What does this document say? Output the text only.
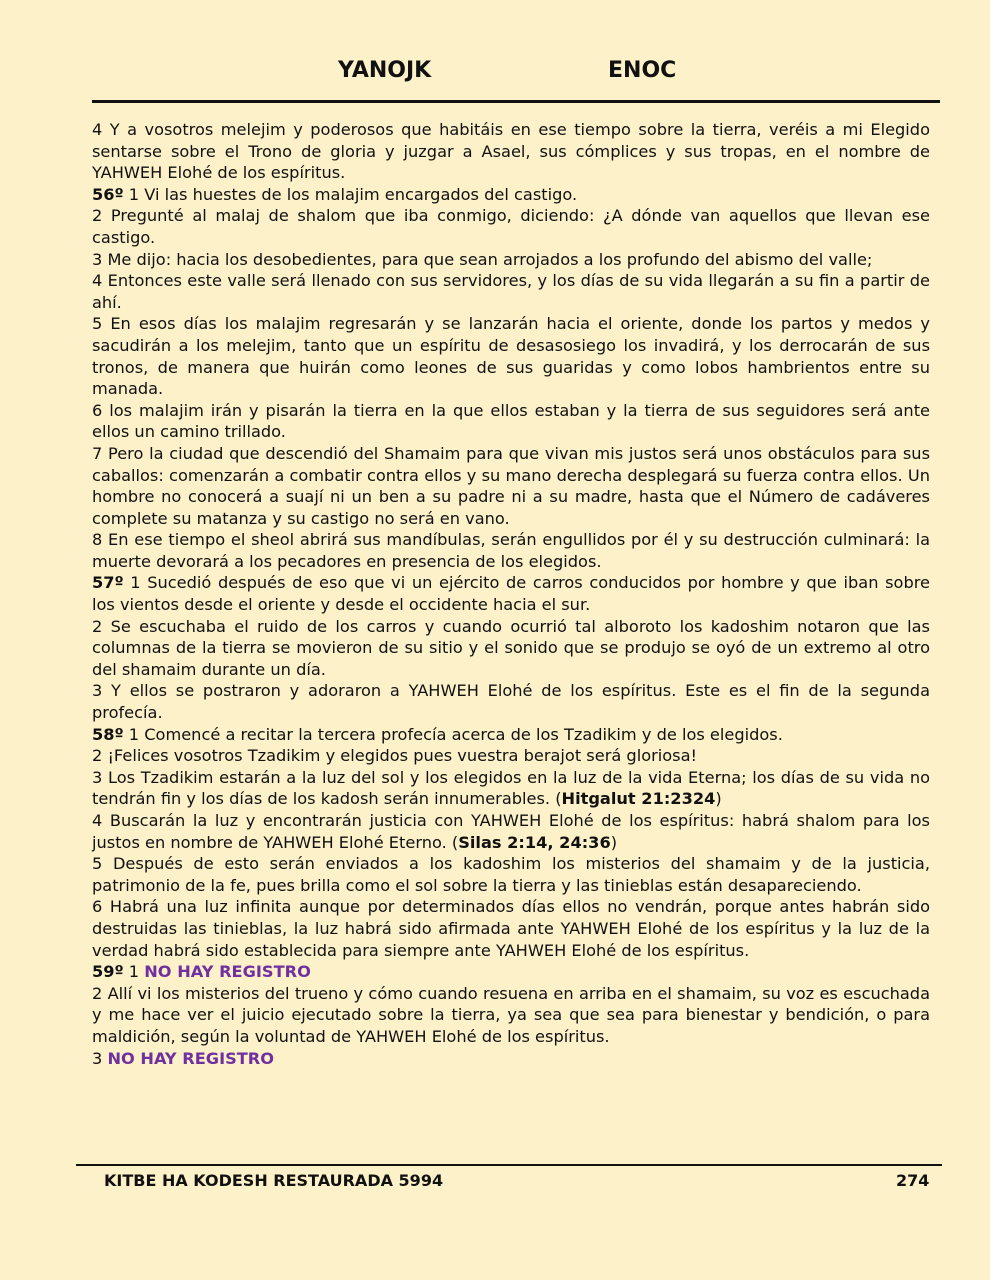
YANOJK	ENOC

4 Y a vosotros melejim y poderosos que habitáis en ese tiempo sobre la tierra, veréis a mi Elegido sentarse sobre el Trono de gloria y juzgar a Asael, sus cómplices y sus tropas, en el nombre de YAHWEH Elohé de los espíritus.

56º 1 Vi las huestes de los malajim encargados del castigo.

2 Pregunté al malaj de shalom que iba conmigo, diciendo: ¿A dónde van aquellos que llevan ese castigo.

3 Me dijo: hacia los desobedientes, para que sean arrojados a los profundo del abismo del valle;

4 Entonces este valle será llenado con sus servidores, y los días de su vida llegarán a su fin a partir de ahí.

5 En esos días los malajim regresarán y se lanzarán hacia el oriente, donde los partos y medos y sacudirán a los melejim, tanto que un espíritu de desasosiego los invadirá, y los derrocarán de sus tronos, de manera que huirán como leones de sus guaridas y como lobos hambrientos entre su manada.

6 los malajim irán y pisarán la tierra en la que ellos estaban y la tierra de sus seguidores será ante ellos un camino trillado.

7 Pero la ciudad que descendió del Shamaim para que vivan mis justos será unos obstáculos para sus caballos: comenzarán a combatir contra ellos y su mano derecha desplegará su fuerza contra ellos. Un hombre no conocerá a suají ni un ben a su padre ni a su madre, hasta que el Número de cadáveres complete su matanza y su castigo no será en vano.

8 En ese tiempo el sheol abrirá sus mandíbulas, serán engullidos por él y su destrucción culminará: la muerte devorará a los pecadores en presencia de los elegidos.

57º 1 Sucedió después de eso que vi un ejército de carros conducidos por hombre y que iban sobre los vientos desde el oriente y desde el occidente hacia el sur.

2 Se escuchaba el ruido de los carros y cuando ocurrió tal alboroto los kadoshim notaron que las columnas de la tierra se movieron de su sitio y el sonido que se produjo se oyó de un extremo al otro del shamaim durante un día.

3 Y ellos se postraron y adoraron a YAHWEH Elohé de los espíritus. Este es el fin de la segunda profecía.

58º 1 Comencé a recitar la tercera profecía acerca de los Tzadikim y de los elegidos.

2 ¡Felices vosotros Tzadikim y elegidos pues vuestra berajot será gloriosa!

3 Los Tzadikim estarán a la luz del sol y los elegidos en la luz de la vida Eterna; los días de su vida no tendrán fin y los días de los kadosh serán innumerables. (Hitgalut 21:2324)

4 Buscarán la luz y encontrarán justicia con YAHWEH Elohé de los espíritus: habrá shalom para los justos en nombre de YAHWEH Elohé Eterno. (Silas 2:14, 24:36)

5 Después de esto serán enviados a los kadoshim los misterios del shamaim y de la justicia, patrimonio de la fe, pues brilla como el sol sobre la tierra y las tinieblas están desapareciendo.

6 Habrá una luz infinita aunque por determinados días ellos no vendrán, porque antes habrán sido destruidas las tinieblas, la luz habrá sido afirmada ante YAHWEH Elohé de los espíritus y la luz de la verdad habrá sido establecida para siempre ante YAHWEH Elohé de los espíritus.

59º 1 NO HAY REGISTRO

2 Allí vi los misterios del trueno y cómo cuando resuena en arriba en el shamaim, su voz es escuchada y me hace ver el juicio ejecutado sobre la tierra, ya sea que sea para bienestar y bendición, o para maldición, según la voluntad de YAHWEH Elohé de los espíritus.

3 NO HAY REGISTRO

KITBE HA KODESH RESTAURADA 5994	274
